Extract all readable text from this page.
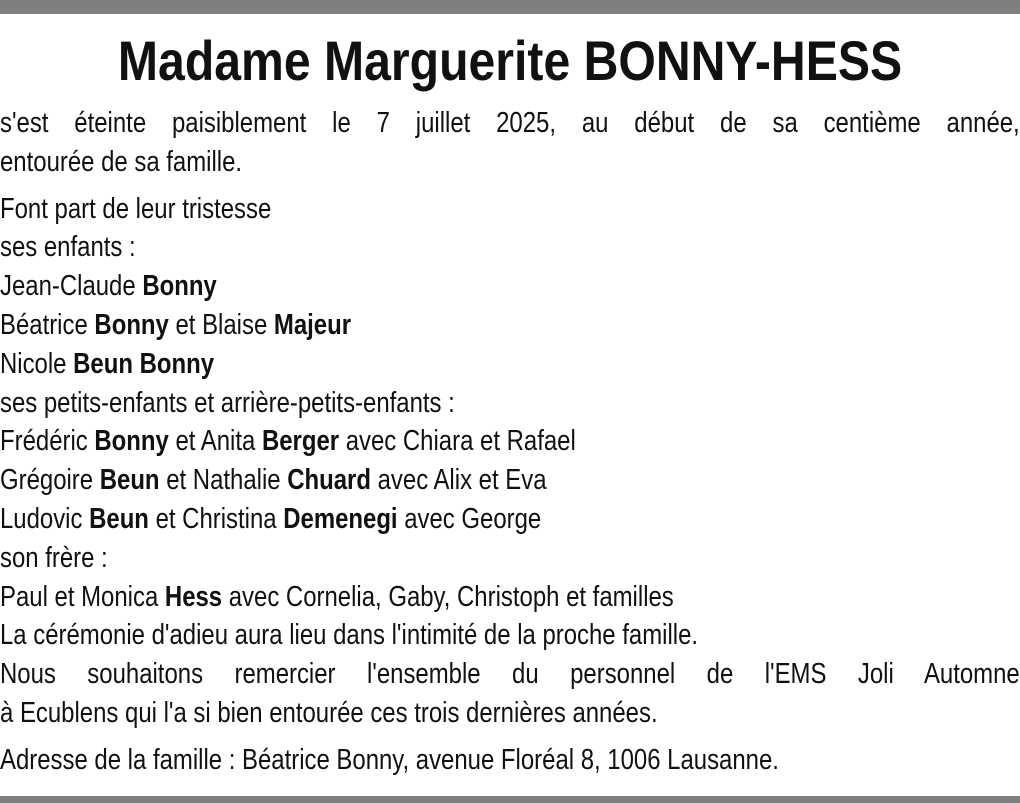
Madame Marguerite BONNY-HESS
s'est éteinte paisiblement le 7 juillet 2025, au début de sa centième année,
entourée de sa famille.
Font part de leur tristesse
ses enfants :
Jean-Claude Bonny
Béatrice Bonny et Blaise Majeur
Nicole Beun Bonny
ses petits-enfants et arrière-petits-enfants :
Frédéric Bonny et Anita Berger avec Chiara et Rafael
Grégoire Beun et Nathalie Chuard avec Alix et Eva
Ludovic Beun et Christina Demenegi avec George
son frère :
Paul et Monica Hess avec Cornelia, Gaby, Christoph et familles
La cérémonie d'adieu aura lieu dans l'intimité de la proche famille.
Nous souhaitons remercier l'ensemble du personnel de l'EMS Joli Automne
à Ecublens qui l'a si bien entourée ces trois dernières années.
Adresse de la famille : Béatrice Bonny, avenue Floréal 8, 1006 Lausanne.
